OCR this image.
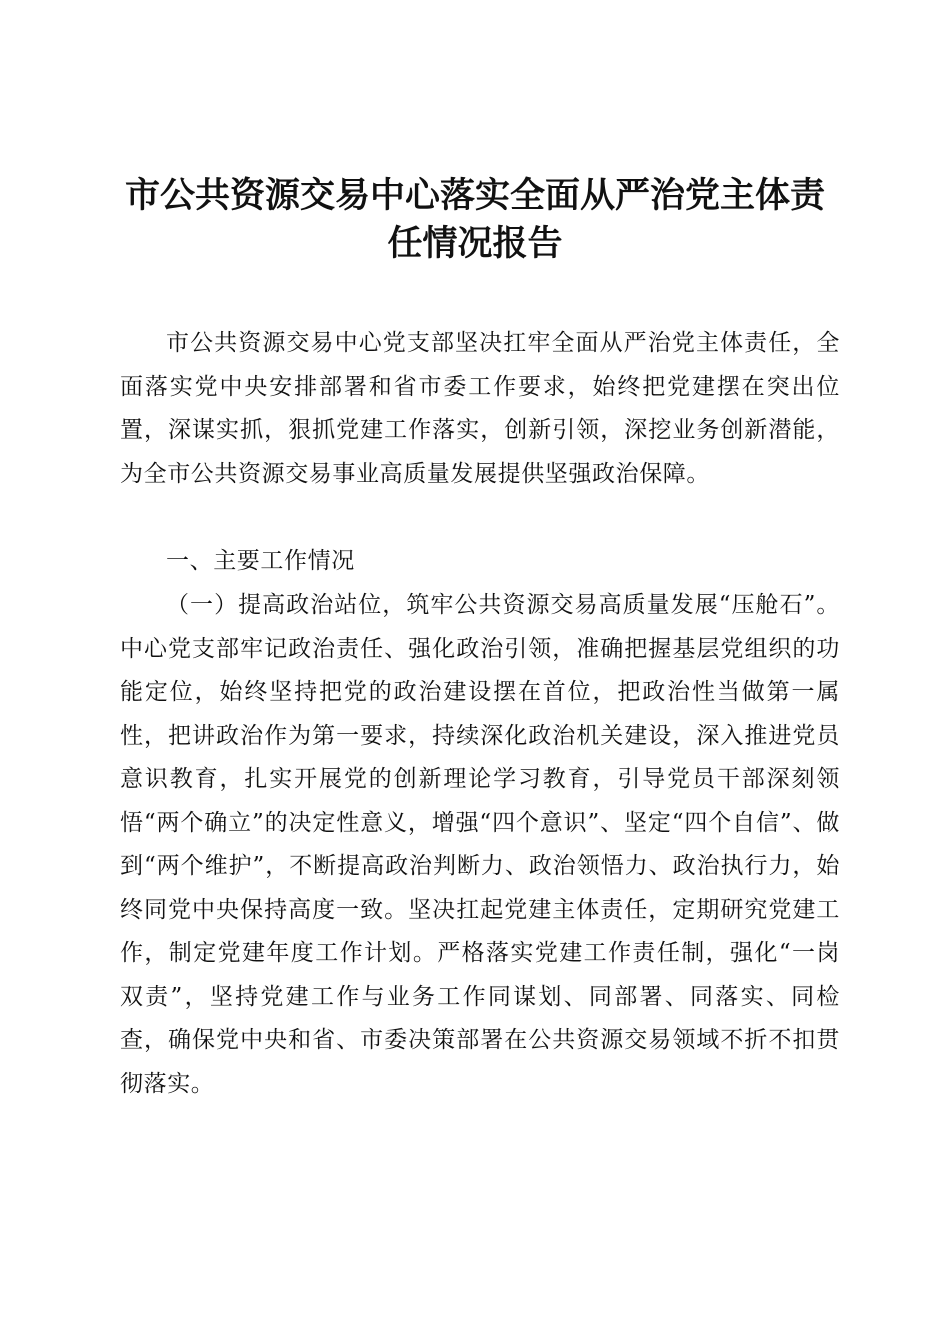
市公共资源交易中心落实全面从严治党主体责任情况报告

市公共资源交易中心党支部坚决扛牢全面从严治党主体责任，全面落实党中央安排部署和省市委工作要求，始终把党建摆在突出位置，深谋实抓，狠抓党建工作落实，创新引领，深挖业务创新潜能，为全市公共资源交易事业高质量发展提供坚强政治保障。

一、主要工作情况

（一）提高政治站位，筑牢公共资源交易高质量发展“压舱石”。中心党支部牢记政治责任、强化政治引领，准确把握基层党组织的功能定位，始终坚持把党的政治建设摆在首位，把政治性当做第一属性，把讲政治作为第一要求，持续深化政治机关建设，深入推进党员意识教育，扎实开展党的创新理论学习教育，引导党员干部深刻领悟“两个确立”的决定性意义，增强“四个意识”、坚定“四个自信”、做到“两个维护”，不断提高政治判断力、政治领悟力、政治执行力，始终同党中央保持高度一致。坚决扛起党建主体责任，定期研究党建工作，制定党建年度工作计划。严格落实党建工作责任制，强化“一岗双责”，坚持党建工作与业务工作同谋划、同部署、同落实、同检查，确保党中央和省、市委决策部署在公共资源交易领域不折不扣贯彻落实。
